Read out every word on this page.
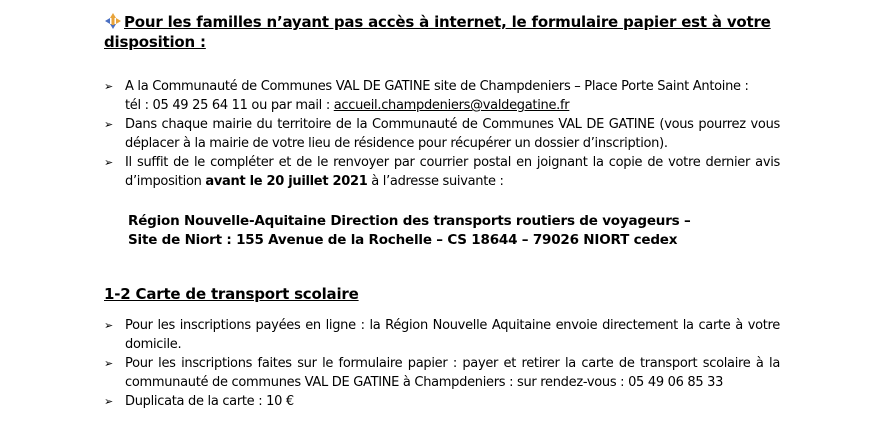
Pour les familles n’ayant pas accès à internet, le formulaire papier est à votre disposition :
➢ A la Communauté de Communes VAL DE GATINE site de Champdeniers – Place Porte Saint Antoine :
tél : 05 49 25 64 11 ou par mail : accueil.champdeniers@valdegatine.fr
➢ Dans chaque mairie du territoire de la Communauté de Communes VAL DE GATINE (vous pourrez vous déplacer à la mairie de votre lieu de résidence pour récupérer un dossier d’inscription).
➢ Il suffit de le compléter et de le renvoyer par courrier postal en joignant la copie de votre dernier avis d’imposition avant le 20 juillet 2021 à l’adresse suivante :
Région Nouvelle-Aquitaine Direction des transports routiers de voyageurs –
Site de Niort : 155 Avenue de la Rochelle – CS 18644 – 79026 NIORT cedex
1-2 Carte de transport scolaire
➢ Pour les inscriptions payées en ligne : la Région Nouvelle Aquitaine envoie directement la carte à votre domicile.
➢ Pour les inscriptions faites sur le formulaire papier : payer et retirer la carte de transport scolaire à la communauté de communes VAL DE GATINE à Champdeniers : sur rendez-vous : 05 49 06 85 33
➢ Duplicata de la carte : 10 €
